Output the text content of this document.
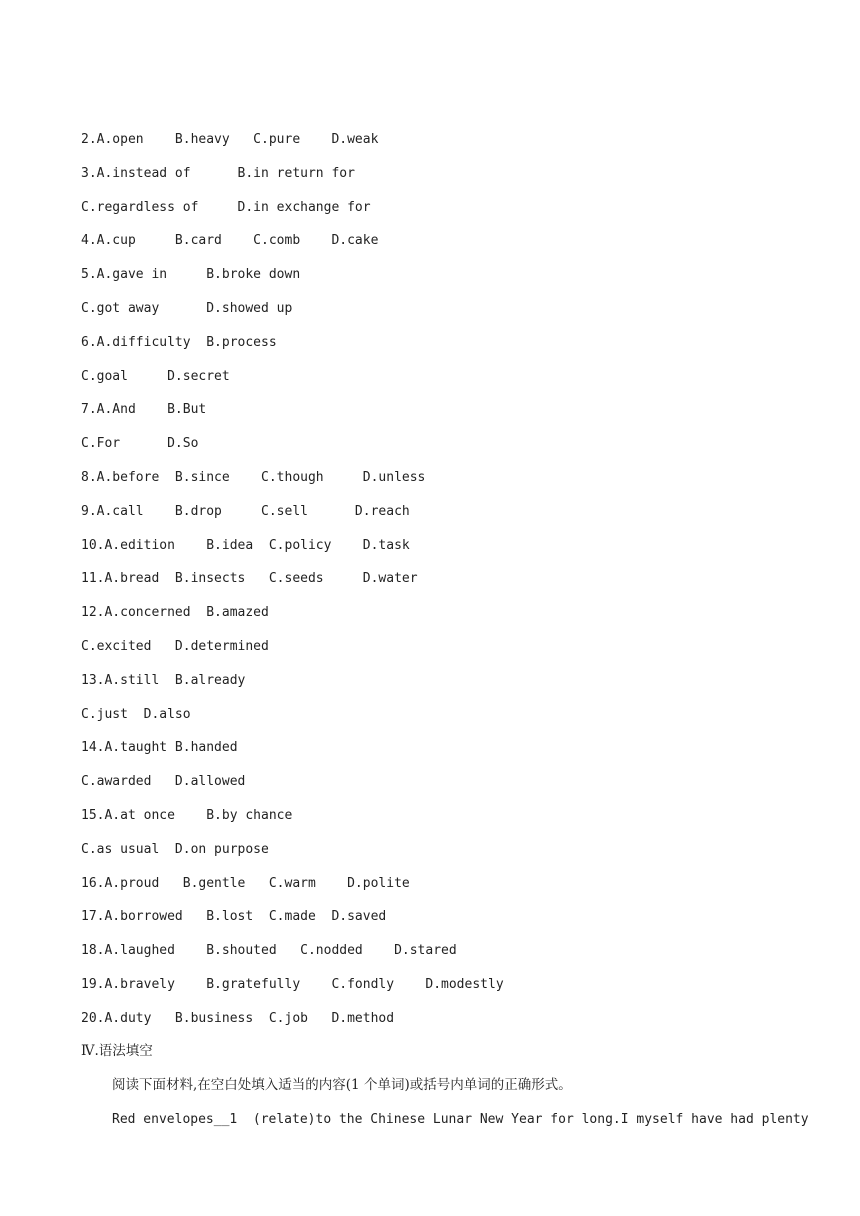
2.A.open    B.heavy   C.pure    D.weak

3.A.instead of      B.in return for

C.regardless of     D.in exchange for

4.A.cup     B.card    C.comb    D.cake

5.A.gave in     B.broke down

C.got away      D.showed up

6.A.difficulty  B.process

C.goal     D.secret

7.A.And    B.But

C.For      D.So

8.A.before  B.since    C.though     D.unless

9.A.call    B.drop     C.sell      D.reach

10.A.edition    B.idea  C.policy    D.task

11.A.bread  B.insects   C.seeds     D.water

12.A.concerned  B.amazed

C.excited   D.determined

13.A.still  B.already

C.just  D.also

14.A.taught B.handed

C.awarded   D.allowed

15.A.at once    B.by chance

C.as usual  D.on purpose

16.A.proud   B.gentle   C.warm    D.polite

17.A.borrowed   B.lost  C.made  D.saved

18.A.laughed    B.shouted   C.nodded    D.stared

19.A.bravely    B.gratefully    C.fondly    D.modestly

20.A.duty   B.business  C.job   D.method

Ⅳ.语法填空

阅读下面材料,在空白处填入适当的内容(1 个单词)或括号内单词的正确形式。

Red envelopes__1  (relate)to the Chinese Lunar New Year for long.I myself have had plenty
